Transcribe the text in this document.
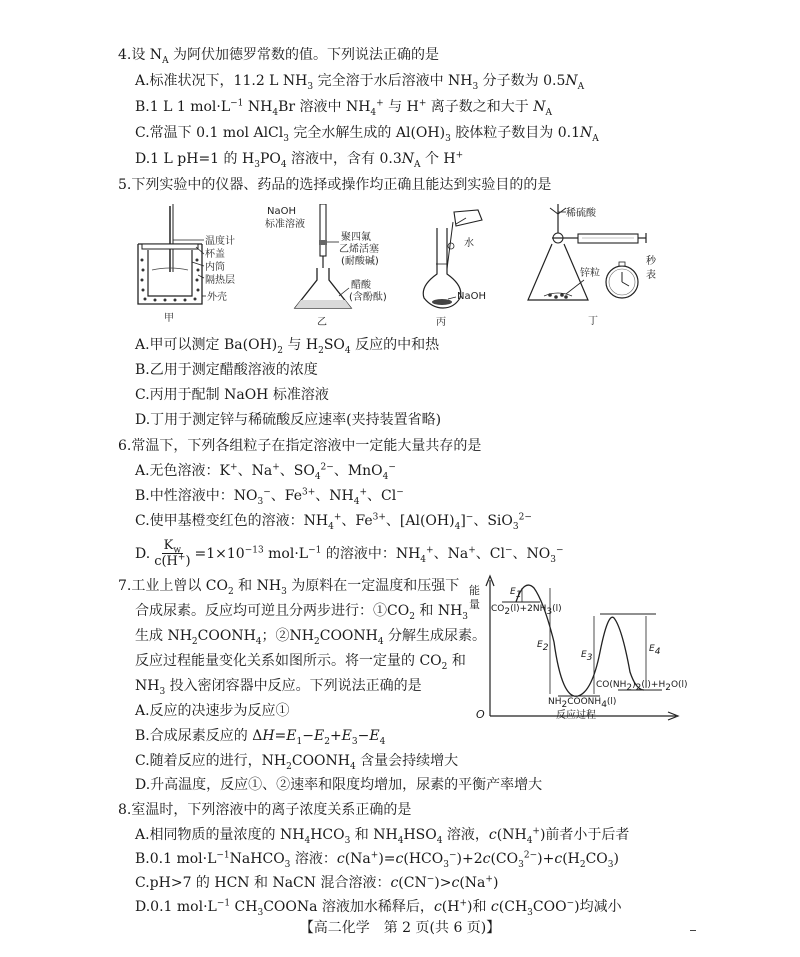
4.设 $N_A$ 为阿伏加德罗常数的值。下列说法正确的是
A.标准状况下，11.2 L $NH_3$ 完全溶于水后溶液中 $NH_3$ 分子数为 $0.5N_A$
B.1 L 1 $mol\cdot L^{-1}$ $NH_4Br$ 溶液中 $NH_4^+$ 与 H+ 离子数之和大于 $N_A$
C.常温下 0.1 mol AlCl$_3$ 完全水解生成的 $Al(OH)_3$ 胶体粒子数目为 $0.1N_A$
D.1 L pH=1 的 $H_3PO_4$ 溶液中，含有 $0.3N_A$ 个 H+
5.下列实验中的仪器、药品的选择或操作均正确且能达到实验目的的是
温度计
杯盖
内筒
隔热层
外壳
甲
NaOH
标准溶液
聚四氟
乙烯活塞
(耐酸碱)
醋酸
(含酚酞)
乙
水
NaOH
丙
稀硫酸
锌粒
秒
表
丁
A.甲可以测定 $Ba(OH)_2$ 与 $H_2SO_4$ 反应的中和热
B.乙用于测定醋酸溶液的浓度
C.丙用于配制 NaOH 标准溶液
D.丁用于测定锌与稀硫酸反应速率(夹持装置省略)
6.常温下，下列各组粒子在指定溶液中一定能大量共存的是
A.无色溶液：K+、Na+、$SO_4^{2-}$、MnO$_4$−
B.中性溶液中：$NO_3^-$、$Fe^{3+}$、$NH_4^+$、Cl−
C.使甲基橙变红色的溶液：$NH_4^+$、$Fe^{3+}$、$[Al(OH)_4]^-$、SiO$_3^{2-}$
D. $\frac{K_w}{c(H^+)} =1\times 10^{-13}$ $mol\cdot L^{-1}$ 的溶液中：$NH_4^+$、Na+、Cl−、$NO_3^-$
7.工业上曾以 $CO_2$ 和 $NH_3$ 为原料在一定温度和压强下
合成尿素。反应均可逆且分两步进行：$①CO_2$ 和 $NH_3$
生成 $NH_2COONH_4$；$②NH_2COONH_4$ 分解生成尿素。
反应过程能量变化关系如图所示。将一定量的 $CO_2$ 和
$NH_3$ 投入密闭容器中反应。下列说法正确的是
A.反应的决速步为反应①
B.合成尿素反应的 $\Delta H=E_1-E_2+E_3-E_4$
C.随着反应的进行，$NH_2COONH_4$ 含量会持续增大
D.升高温度，反应①、②速率和限度均增加，尿素的平衡产率增大
能
量
O	反应过程
$E_1$
$CO_2(l)+2NH_3(l)$
$E_2$
$E_3$
$E_4$
$CO(NH_2)_2(l)+H_2O(l)$
$NH_2COONH_4(l)$
8.室温时，下列溶液中的离子浓度关系正确的是
A.相同物质的量浓度的 $NH_4HCO_3$ 和 $NH_4HSO_4$ 溶液，$c(NH_4^+)$前者小于后者
B.0.1 $mol\cdot L^{-1}NaHCO_3$ 溶液：$c(Na^+)=c(HCO_3^-)+2c(CO_3^{2-})+c(H_2CO_3)$
C.pH>7 的 HCN 和 NaCN 混合溶液：c(CN−)>c(Na+)
D.0.1 $mol\cdot L^{-1}$ $CH_3COONa$ 溶液加水稀释后，c(H+)和 $c(CH_3COO^-)$均减小
【高二化学　第 2 页(共 6 页)】
